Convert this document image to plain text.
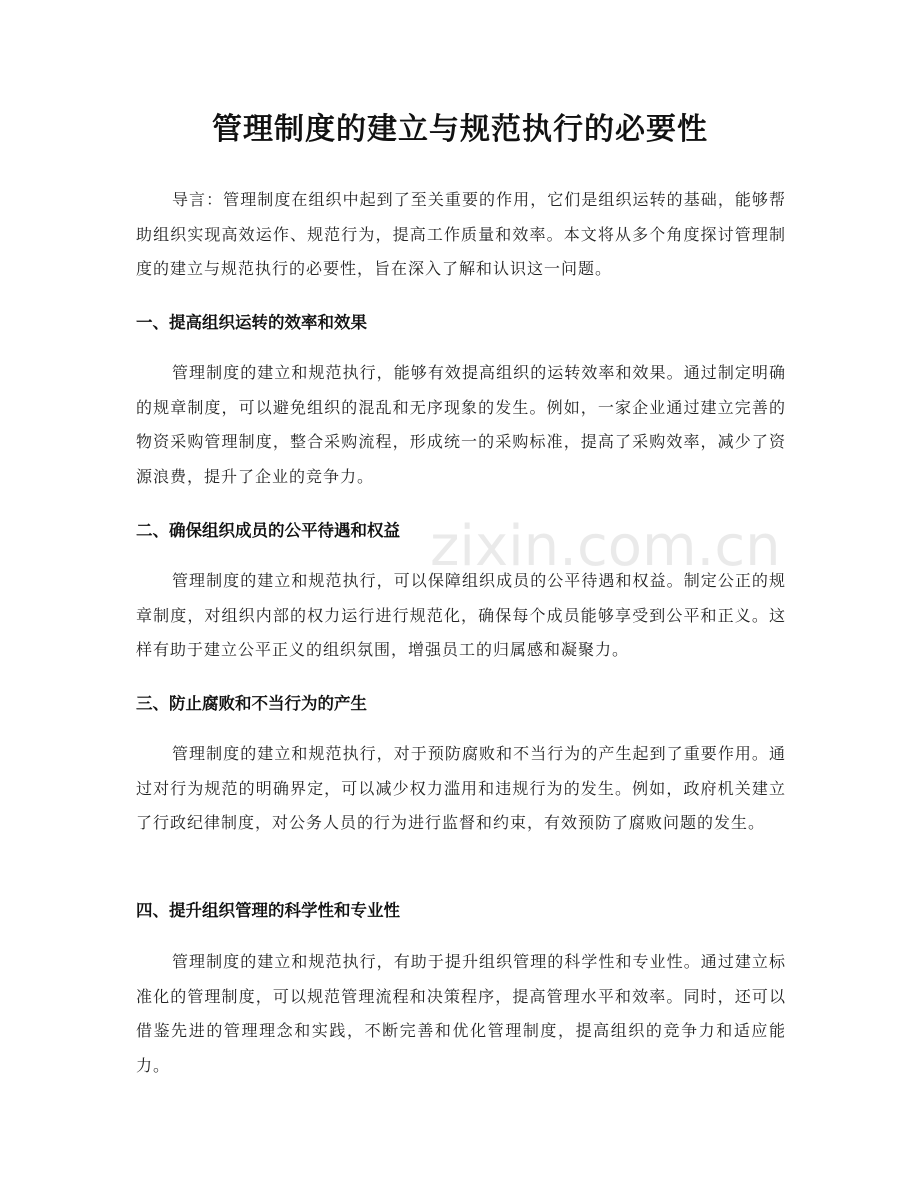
zixin.com.cn
管理制度的建立与规范执行的必要性
导言：管理制度在组织中起到了至关重要的作用，它们是组织运转的基础，能够帮助组织实现高效运作、规范行为，提高工作质量和效率。本文将从多个角度探讨管理制度的建立与规范执行的必要性，旨在深入了解和认识这一问题。
一、提高组织运转的效率和效果
管理制度的建立和规范执行，能够有效提高组织的运转效率和效果。通过制定明确的规章制度，可以避免组织的混乱和无序现象的发生。例如，一家企业通过建立完善的物资采购管理制度，整合采购流程，形成统一的采购标准，提高了采购效率，减少了资源浪费，提升了企业的竞争力。
二、确保组织成员的公平待遇和权益
管理制度的建立和规范执行，可以保障组织成员的公平待遇和权益。制定公正的规章制度，对组织内部的权力运行进行规范化，确保每个成员能够享受到公平和正义。这样有助于建立公平正义的组织氛围，增强员工的归属感和凝聚力。
三、防止腐败和不当行为的产生
管理制度的建立和规范执行，对于预防腐败和不当行为的产生起到了重要作用。通过对行为规范的明确界定，可以减少权力滥用和违规行为的发生。例如，政府机关建立了行政纪律制度，对公务人员的行为进行监督和约束，有效预防了腐败问题的发生。
四、提升组织管理的科学性和专业性
管理制度的建立和规范执行，有助于提升组织管理的科学性和专业性。通过建立标准化的管理制度，可以规范管理流程和决策程序，提高管理水平和效率。同时，还可以借鉴先进的管理理念和实践，不断完善和优化管理制度，提高组织的竞争力和适应能力。
